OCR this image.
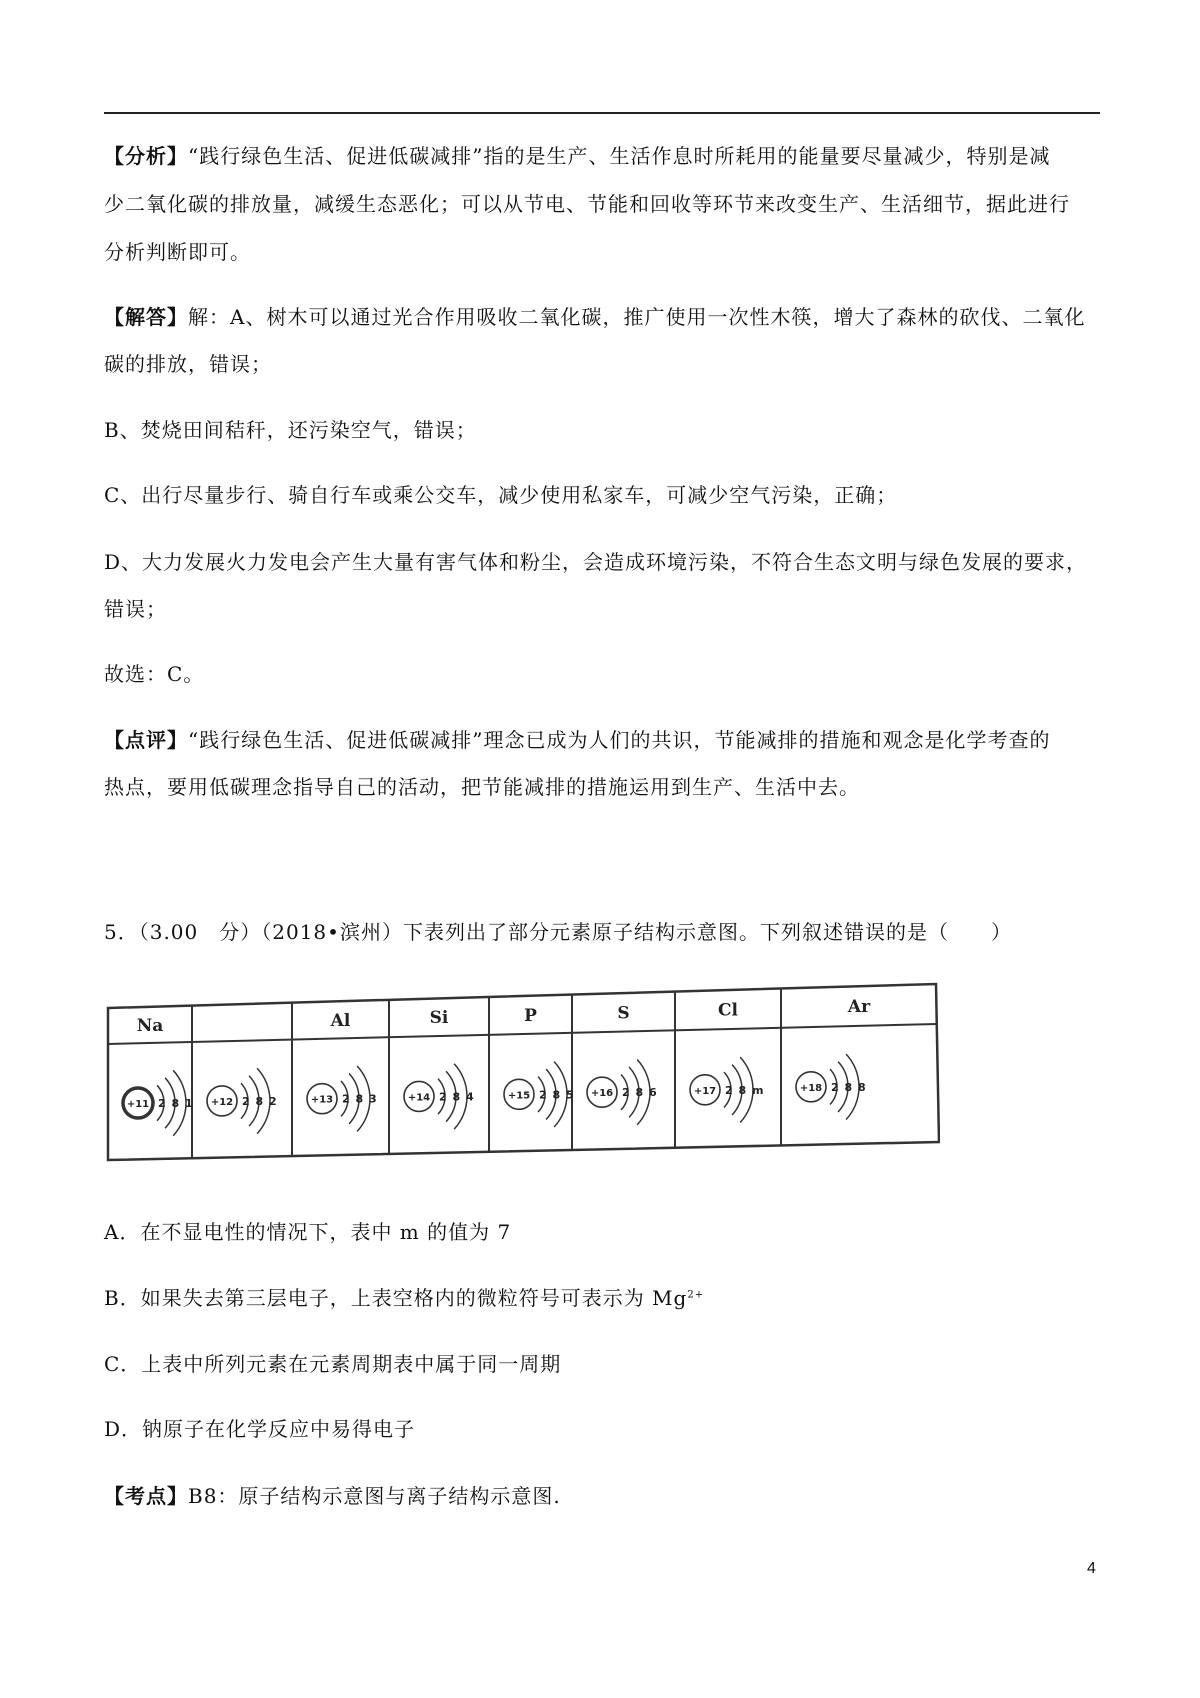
【分析】“践行绿色生活、促进低碳减排”指的是生产、生活作息时所耗用的能量要尽量减少，特别是减
少二氧化碳的排放量，减缓生态恶化；可以从节电、节能和回收等环节来改变生产、生活细节，据此进行
分析判断即可。
【解答】解：A、树木可以通过光合作用吸收二氧化碳，推广使用一次性木筷，增大了森林的砍伐、二氧化
碳的排放，错误；
B、焚烧田间秸秆，还污染空气，错误；
C、出行尽量步行、骑自行车或乘公交车，减少使用私家车，可减少空气污染，正确；
D、大力发展火力发电会产生大量有害气体和粉尘，会造成环境污染，不符合生态文明与绿色发展的要求，
错误；
故选：C。
【点评】“践行绿色生活、促进低碳减排”理念已成为人们的共识，节能减排的措施和观念是化学考查的
热点，要用低碳理念指导自己的活动，把节能减排的措施运用到生产、生活中去。
5．（3.00　分）（2018•滨州）下表列出了部分元素原子结构示意图。下列叙述错误的是（　　）
Na
+11 2 8 1 +12 2 8 2
Al
+13 2 8 3
Si
+14 2 8 4
P
+15 2 8 5
S
+16 2 8 6
Cl
+17 2 8 m
Ar
+18 2 8 8
A．在不显电性的情况下，表中 m 的值为 7
B．如果失去第三层电子，上表空格内的微粒符号可表示为 $Mg^{2+}$
C．上表中所列元素在元素周期表中属于同一周期
D．钠原子在化学反应中易得电子
【考点】B8：原子结构示意图与离子结构示意图.
4
